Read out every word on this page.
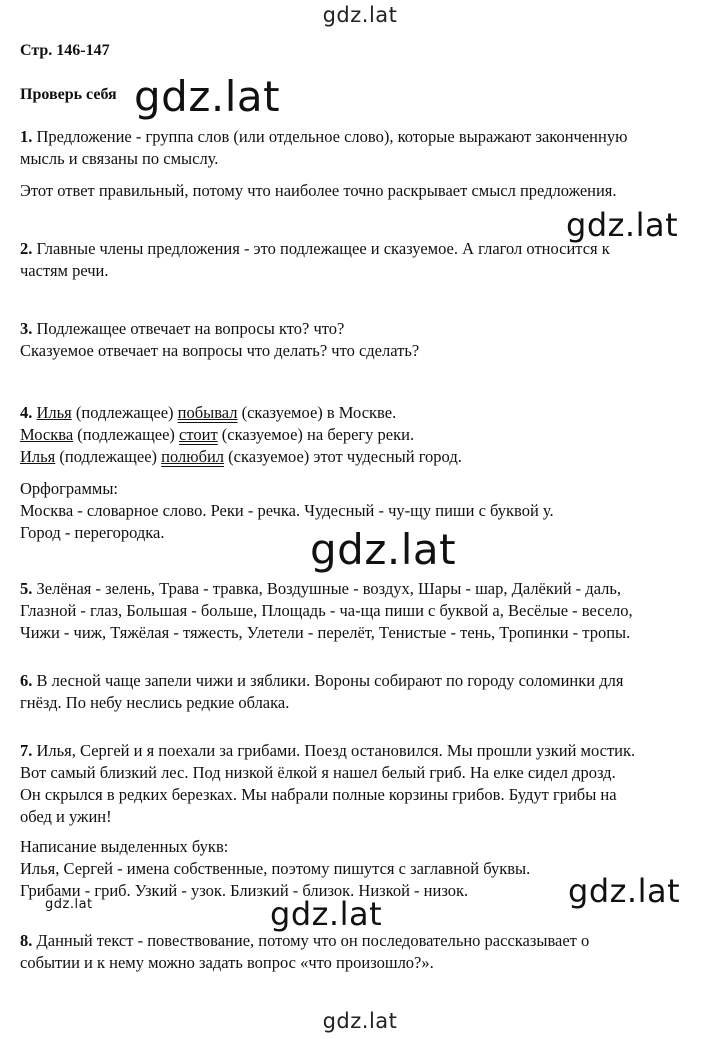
gdz.lat
Стр. 146-147
Проверь себя gdz.lat
1. Предложение - группа слов (или отдельное слово), которые выражают законченную
мысль и связаны по смыслу.
Этот ответ правильный, потому что наиболее точно раскрывает смысл предложения.
gdz.lat
2. Главные члены предложения - это подлежащее и сказуемое. А глагол относится к
частям речи.
3. Подлежащее отвечает на вопросы кто? что?
Сказуемое отвечает на вопросы что делать? что сделать?
4. Илья (подлежащее) побывал (сказуемое) в Москве.
Москва (подлежащее) стоит (сказуемое) на берегу реки.
Илья (подлежащее) полюбил (сказуемое) этот чудесный город.
Орфограммы:
Москва - словарное слово. Реки - речка. Чудесный - чу-щу пиши с буквой у.
Город - перегородка.	gdz.lat
5. Зелёная - зелень, Трава - травка, Воздушные - воздух, Шары - шар, Далёкий - даль,
Глазной - глаз, Большая - больше, Площадь - ча-ща пиши с буквой а, Весёлые - весело,
Чижи - чиж, Тяжёлая - тяжесть, Улетели - перелёт, Тенистые - тень, Тропинки - тропы.
6. В лесной чаще запели чижи и зяблики. Вороны собирают по городу соломинки для
гнёзд. По небу неслись редкие облака.
7. Илья, Сергей и я поехали за грибами. Поезд остановился. Мы прошли узкий мостик.
Вот самый близкий лес. Под низкой ёлкой я нашел белый гриб. На елке сидел дрозд.
Он скрылся в редких березках. Мы набрали полные корзины грибов. Будут грибы на
обед и ужин!
Написание выделенных букв:
Илья, Сергей - имена собственные, поэтому пишутся с заглавной буквы.
Грибами - гриб. Узкий - узок. Близкий - близок. Низкой - низок.	gdz.lat
gdz.lat	gdz.lat
8. Данный текст - повествование, потому что он последовательно рассказывает о
событии и к нему можно задать вопрос «что произошло?».
gdz.lat
